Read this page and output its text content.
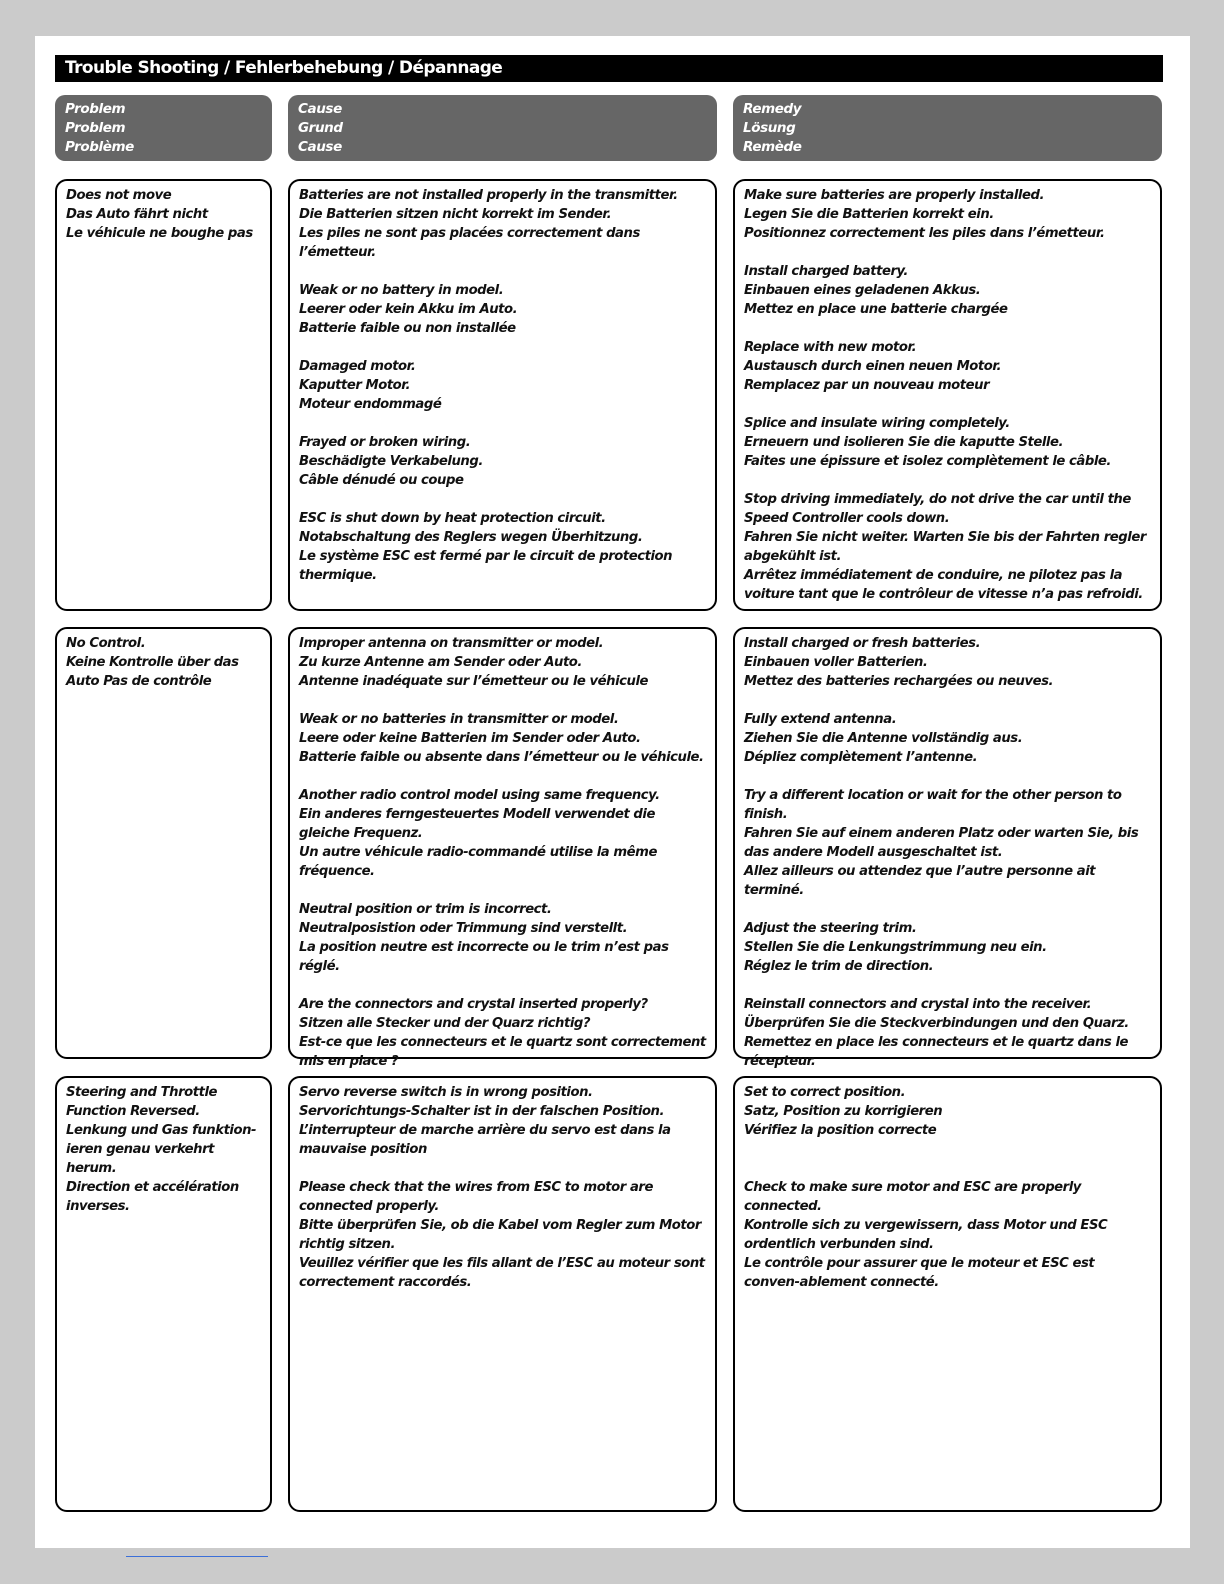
Trouble Shooting / Fehlerbehebung / Dépannage
Problem
Problem
Problème
Cause
Grund
Cause
Remedy
Lösung
Remède
Does not move
Das Auto fährt nicht
Le véhicule ne boughe pas
Batteries are not installed properly in the transmitter.
Die Batterien sitzen nicht korrekt im Sender.
Les piles ne sont pas placées correctement dans l’émetteur.
Weak or no battery in model.
Leerer oder kein Akku im Auto.
Batterie faible ou non installée
Damaged motor.
Kaputter Motor.
Moteur endommagé
Frayed or broken wiring.
Beschädigte Verkabelung.
Câble dénudé ou coupe
ESC is shut down by heat protection circuit.
Notabschaltung des Reglers wegen Überhitzung.
Le système ESC est fermé par le circuit de protection thermique.
Make sure batteries are properly installed.
Legen Sie die Batterien korrekt ein.
Positionnez correctement les piles dans l’émetteur.
Install charged battery.
Einbauen eines geladenen Akkus.
Mettez en place une batterie chargée
Replace with new motor.
Austausch durch einen neuen Motor.
Remplacez par un nouveau moteur
Splice and insulate wiring completely.
Erneuern und isolieren Sie die kaputte Stelle.
Faites une épissure et isolez complètement le câble.
Stop driving immediately, do not drive the car until the Speed Controller cools down.
Fahren Sie nicht weiter. Warten Sie bis der Fahrten regler abgekühlt ist.
Arrêtez immédiatement de conduire, ne pilotez pas la voiture tant que le contrôleur de vitesse n’a pas refroidi.
No Control.
Keine Kontrolle über das Auto Pas de contrôle
Improper antenna on transmitter or model.
Zu kurze Antenne am Sender oder Auto.
Antenne inadéquate sur l’émetteur ou le véhicule
Weak or no batteries in transmitter or model.
Leere oder keine Batterien im Sender oder Auto.
Batterie faible ou absente dans l’émetteur ou le véhicule.
Another radio control model using same frequency.
Ein anderes ferngesteuertes Modell verwendet die gleiche Frequenz.
Un autre véhicule radio-commandé utilise la même fréquence.
Neutral position or trim is incorrect.
Neutralposistion oder Trimmung sind verstellt.
La position neutre est incorrecte ou le trim n’est pas réglé.
Are the connectors and crystal inserted properly?
Sitzen alle Stecker und der Quarz richtig?
Est-ce que les connecteurs et le quartz sont correctement mis en place ?
Install charged or fresh batteries.
Einbauen voller Batterien.
Mettez des batteries rechargées ou neuves.
Fully extend antenna.
Ziehen Sie die Antenne vollständig aus.
Dépliez complètement l’antenne.
Try a different location or wait for the other person to finish.
Fahren Sie auf einem anderen Platz oder warten Sie, bis das andere Modell ausgeschaltet ist.
Allez ailleurs ou attendez que l’autre personne ait terminé.
Adjust the steering trim.
Stellen Sie die Lenkungstrimmung neu ein.
Réglez le trim de direction.
Reinstall connectors and crystal into the receiver.
Überprüfen Sie die Steckverbindungen und den Quarz.
Remettez en place les connecteurs et le quartz dans le récepteur.
Steering and Throttle Function Reversed.
Lenkung und Gas funktion-ieren genau verkehrt herum.
Direction et accélération inverses.
Servo reverse switch is in wrong position.
Servorichtungs-Schalter ist in der falschen Position.
L’interrupteur de marche arrière du servo est dans la mauvaise position
Please check that the wires from ESC to motor are connected properly.
Bitte überprüfen Sie, ob die Kabel vom Regler zum Motor richtig sitzen.
Veuillez vérifier que les fils allant de l’ESC au moteur sont correctement raccordés.
Set to correct position.
Satz, Position zu korrigieren
Vérifiez la position correcte
Check to make sure motor and ESC are properly connected.
Kontrolle sich zu vergewissern, dass Motor und ESC ordentlich verbunden sind.
Le contrôle pour assurer que le moteur et ESC est conven-ablement connecté.
